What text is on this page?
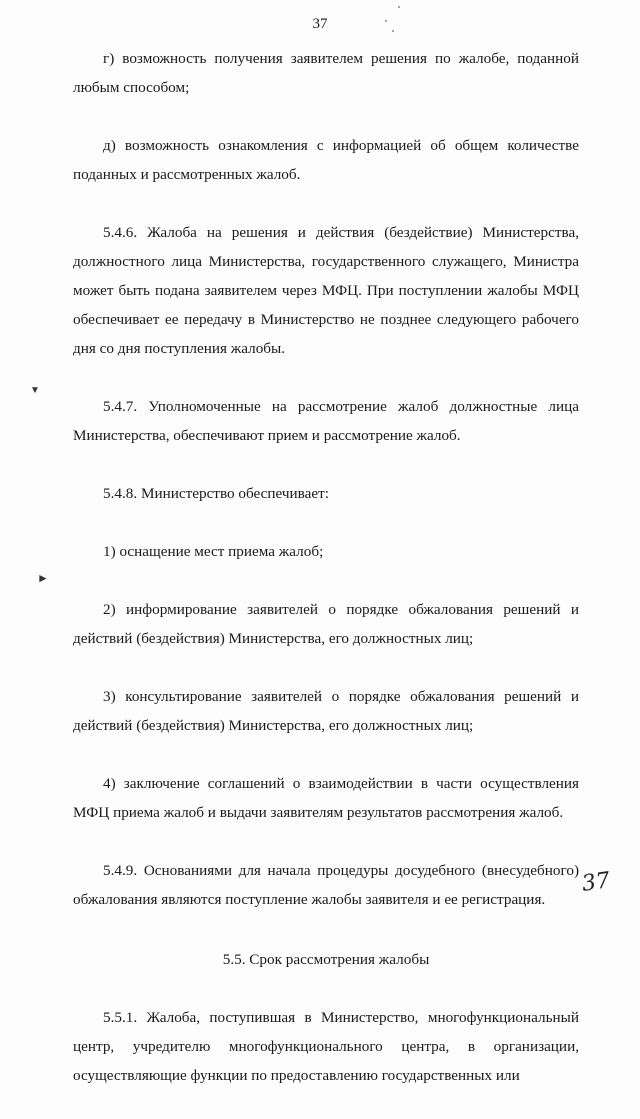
37

г) возможность получения заявителем решения по жалобе, поданной любым способом;

д) возможность ознакомления с информацией об общем количестве поданных и рассмотренных жалоб.

5.4.6. Жалоба на решения и действия (бездействие) Министерства, должностного лица Министерства, государственного служащего, Министра может быть подана заявителем через МФЦ. При поступлении жалобы МФЦ обеспечивает ее передачу в Министерство не позднее следующего рабочего дня со дня поступления жалобы.

5.4.7. Уполномоченные на рассмотрение жалоб должностные лица Министерства, обеспечивают прием и рассмотрение жалоб.

5.4.8. Министерство обеспечивает:

1) оснащение мест приема жалоб;

2) информирование заявителей о порядке обжалования решений и действий (бездействия) Министерства, его должностных лиц;

3) консультирование заявителей о порядке обжалования решений и действий (бездействия) Министерства, его должностных лиц;

4) заключение соглашений о взаимодействии в части осуществления МФЦ приема жалоб и выдачи заявителям результатов рассмотрения жалоб.

5.4.9. Основаниями для начала процедуры досудебного (внесудебного) обжалования являются поступление жалобы заявителя и ее регистрация.

5.5. Срок рассмотрения жалобы

5.5.1. Жалоба, поступившая в Министерство, многофункциональный центр, учредителю многофункционального центра, в организации, осуществляющие функции по предоставлению государственных или

▼
►
37
